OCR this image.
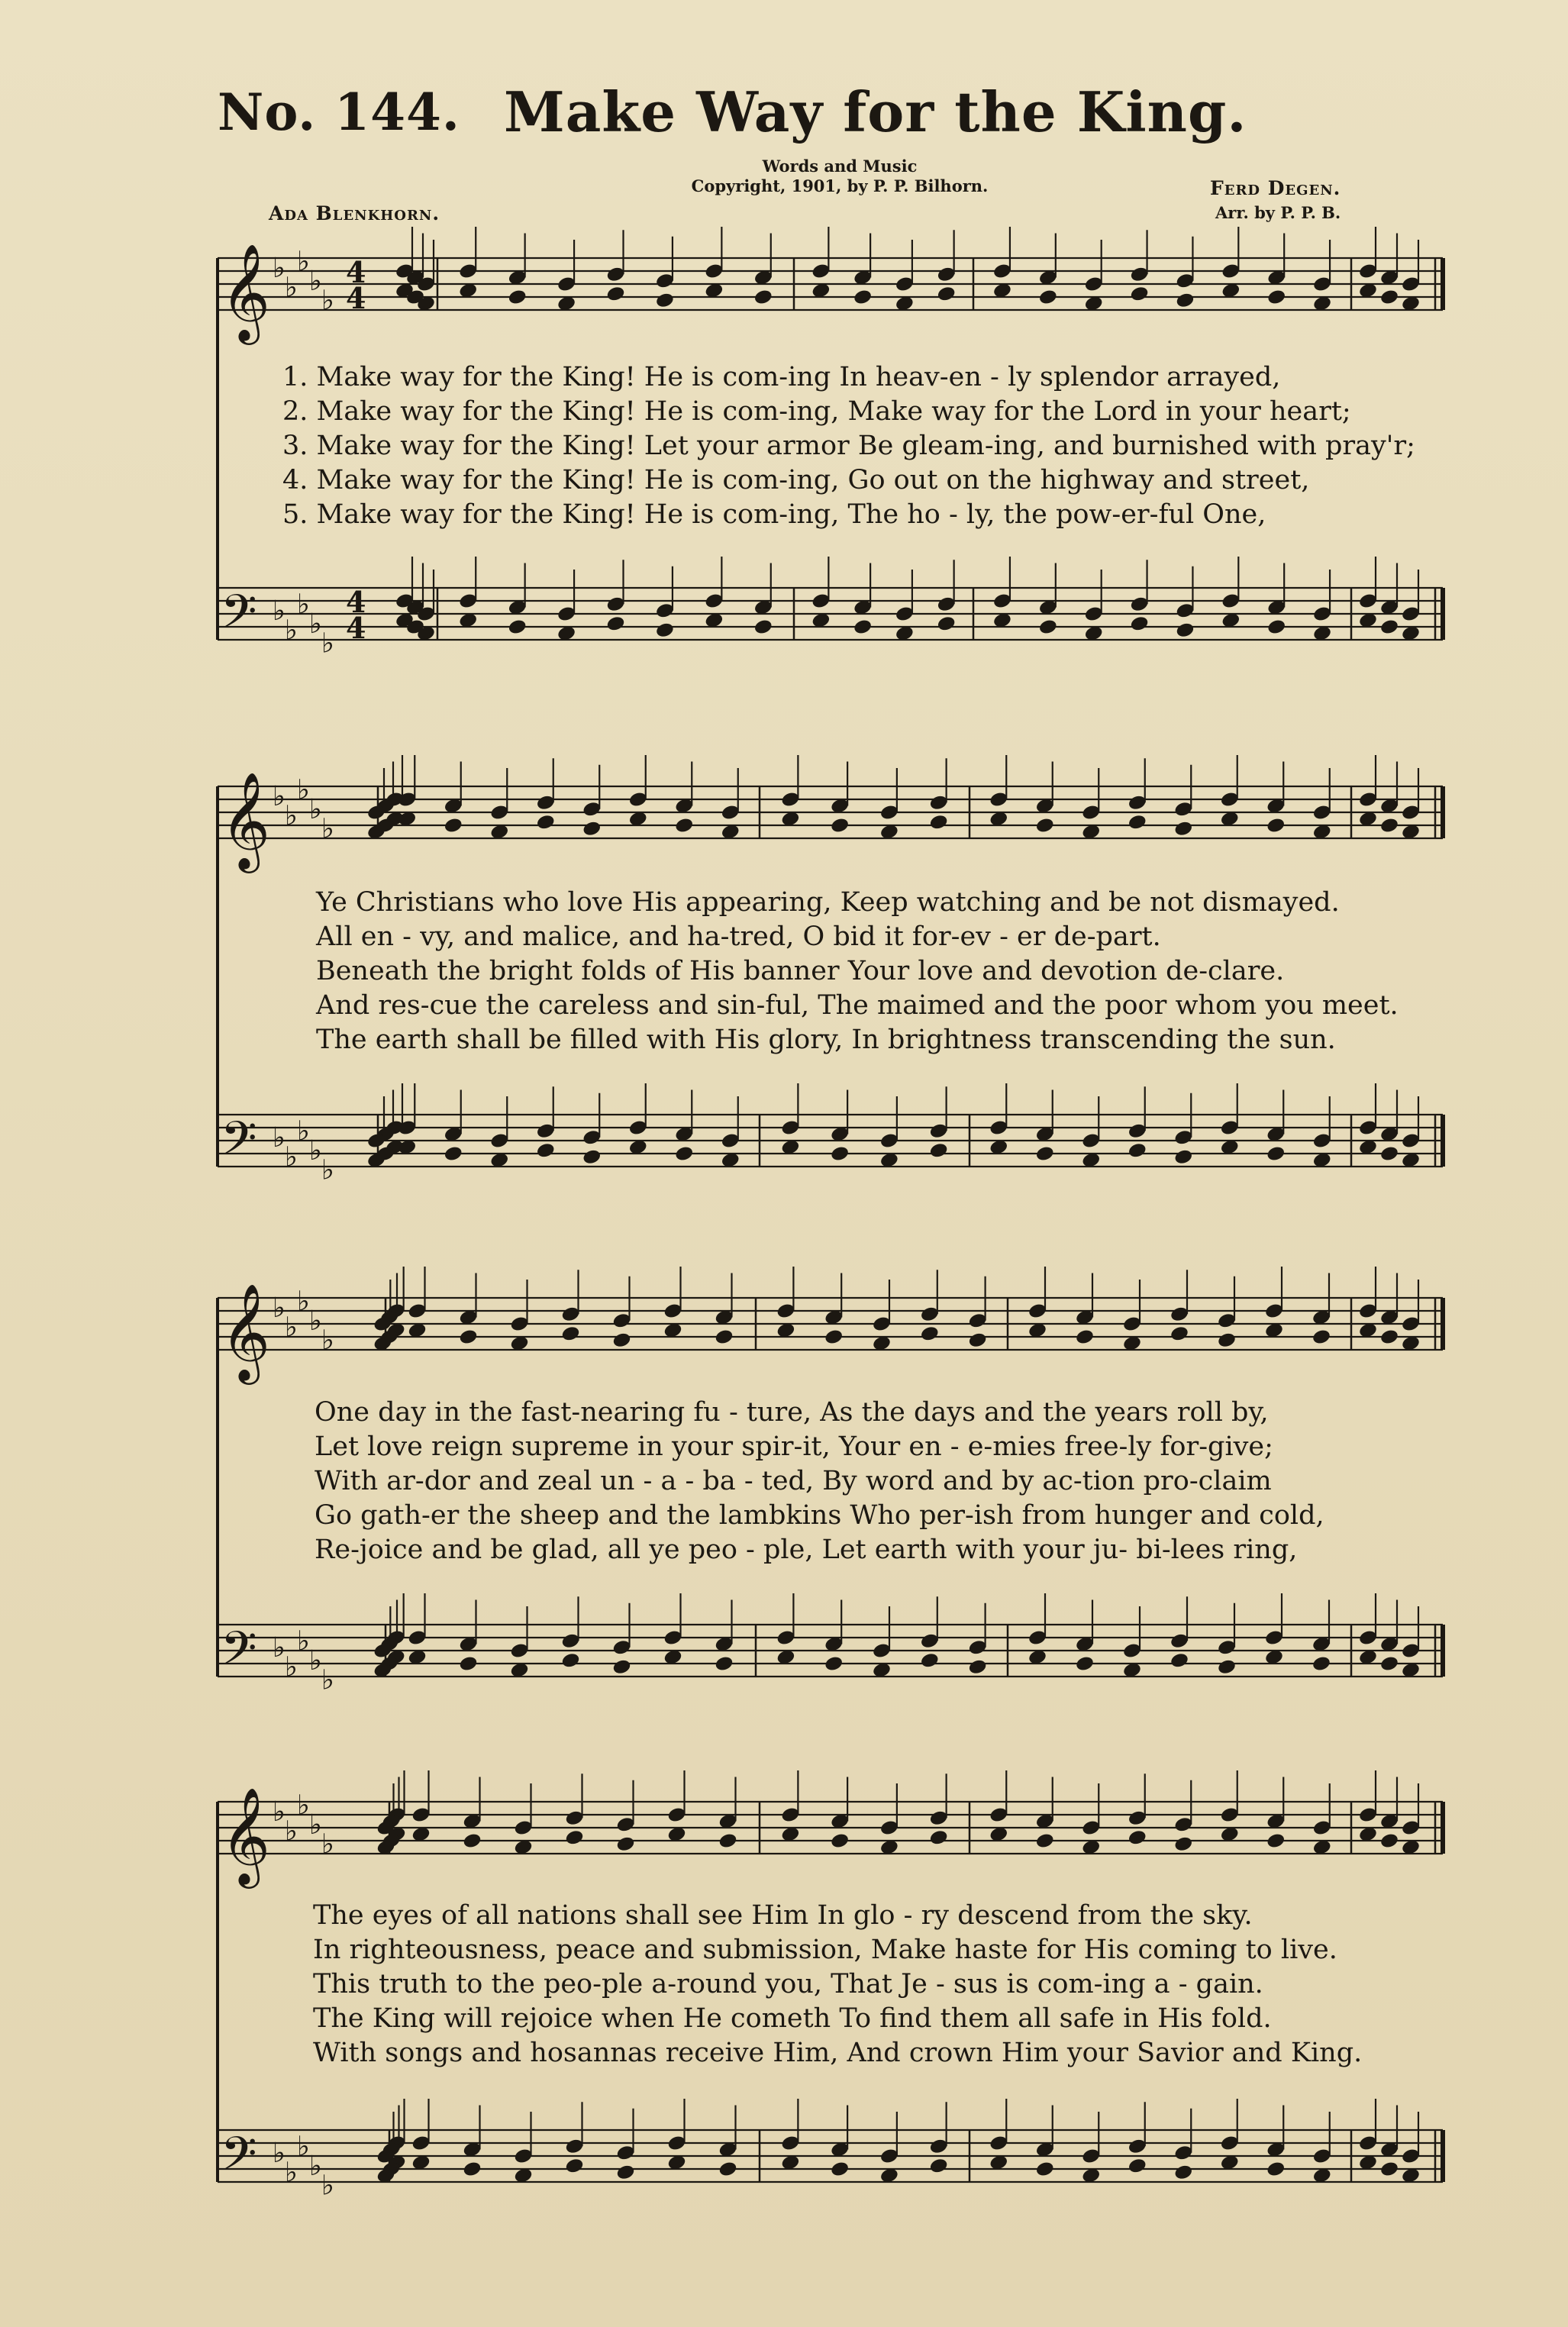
No. 144. Make Way for the King.
Words and Music
Copyright, 1901, by P. P. Bilhorn.
Ada Blenkhorn.
Ferd Degen.
Arr. by P. P. B.
𝄞
𝄢
♭
♭
♭
♭
♭
♭
♭
♭
♭
♭
4
4
4
4
𝄞
𝄢
♭
♭
♭
♭
♭
♭
♭
♭
♭
♭
𝄞
𝄢
♭
♭
♭
♭
♭
♭
♭
♭
♭
♭
𝄞
𝄢
♭
♭
♭
♭
♭
♭
♭
♭
♭
♭
1. Make way for the King! He is com-ing In heav-en - ly splendor arrayed,
2. Make way for the King! He is com-ing, Make way for the Lord in your heart;
3. Make way for the King! Let your armor Be gleam-ing, and burnished with pray'r;
4. Make way for the King! He is com-ing, Go out on the highway and street,
5. Make way for the King! He is com-ing, The ho - ly, the pow-er-ful One,
Ye Christians who love His appearing, Keep watching and be not dismayed.
All en - vy, and malice, and ha-tred, O bid it for-ev - er de-part.
Beneath the bright folds of His banner Your love and devotion de-clare.
And res-cue the careless and sin-ful, The maimed and the poor whom you meet.
The earth shall be filled with His glory, In brightness transcending the sun.
One day in the fast-nearing fu - ture, As the days and the years roll by,
Let love reign supreme in your spir-it, Your en - e-mies free-ly for-give;
With ar-dor and zeal un - a - ba - ted, By word and by ac-tion pro-claim
Go gath-er the sheep and the lambkins Who per-ish from hunger and cold,
Re-joice and be glad, all ye peo - ple, Let earth with your ju- bi-lees ring,
The eyes of all nations shall see Him In glo - ry descend from the sky.
In righteousness, peace and submission, Make haste for His coming to live.
This truth to the peo-ple a-round you, That Je - sus is com-ing a - gain.
The King will rejoice when He cometh To find them all safe in His fold.
With songs and hosannas receive Him, And crown Him your Savior and King.
